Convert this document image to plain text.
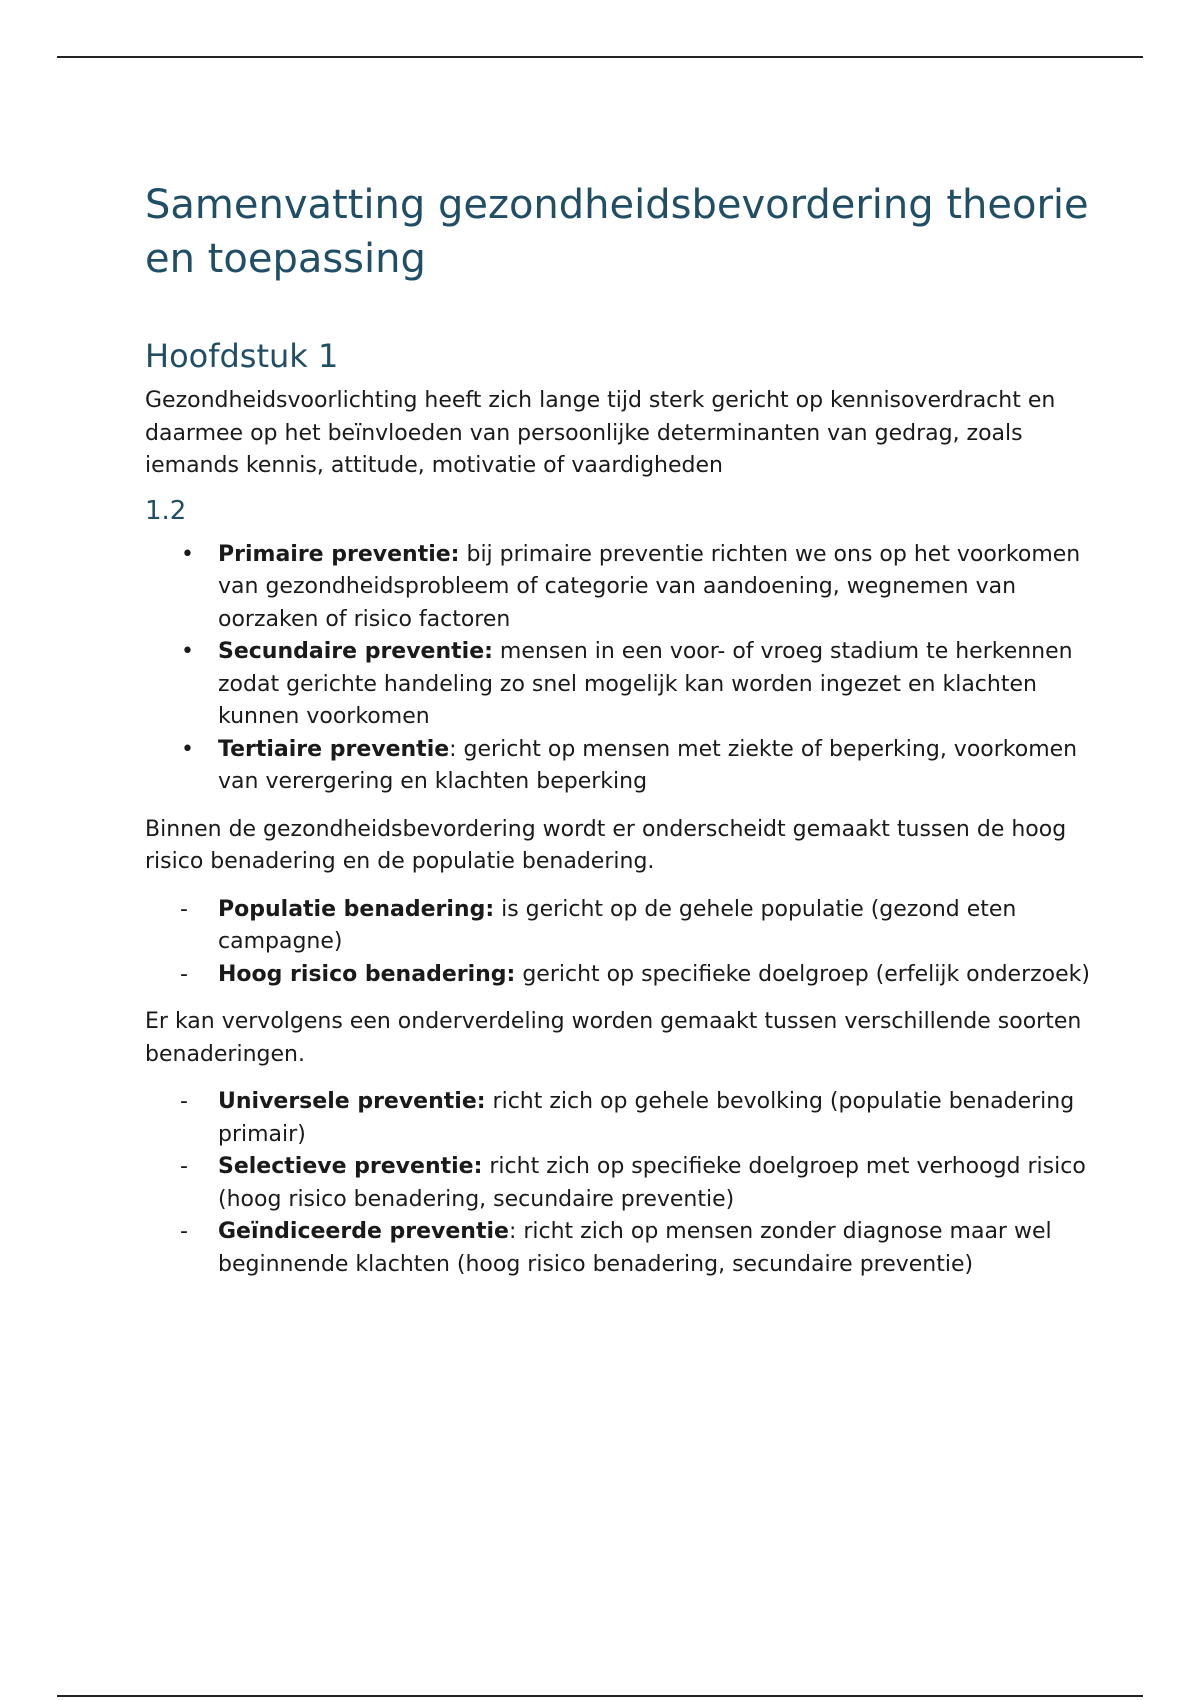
Samenvatting gezondheidsbevordering theorie en toepassing
Hoofdstuk 1

Gezondheidsvoorlichting heeft zich lange tijd sterk gericht op kennisoverdracht en daarmee op het beïnvloeden van persoonlijke determinanten van gedrag, zoals iemands kennis, attitude, motivatie of vaardigheden

1.2
• Primaire preventie: bij primaire preventie richten we ons op het voorkomen van gezondheidsprobleem of categorie van aandoening, wegnemen van oorzaken of risico factoren
• Secundaire preventie: mensen in een voor- of vroeg stadium te herkennen zodat gerichte handeling zo snel mogelijk kan worden ingezet en klachten kunnen voorkomen
• Tertiaire preventie: gericht op mensen met ziekte of beperking, voorkomen van verergering en klachten beperking

Binnen de gezondheidsbevordering wordt er onderscheidt gemaakt tussen de hoog risico benadering en de populatie benadering.

- Populatie benadering: is gericht op de gehele populatie (gezond eten campagne)
- Hoog risico benadering: gericht op specifieke doelgroep (erfelijk onderzoek)

Er kan vervolgens een onderverdeling worden gemaakt tussen verschillende soorten benaderingen.

- Universele preventie: richt zich op gehele bevolking (populatie benadering primair)
- Selectieve preventie: richt zich op specifieke doelgroep met verhoogd risico (hoog risico benadering, secundaire preventie)
- Geïndiceerde preventie: richt zich op mensen zonder diagnose maar wel beginnende klachten (hoog risico benadering, secundaire preventie)
